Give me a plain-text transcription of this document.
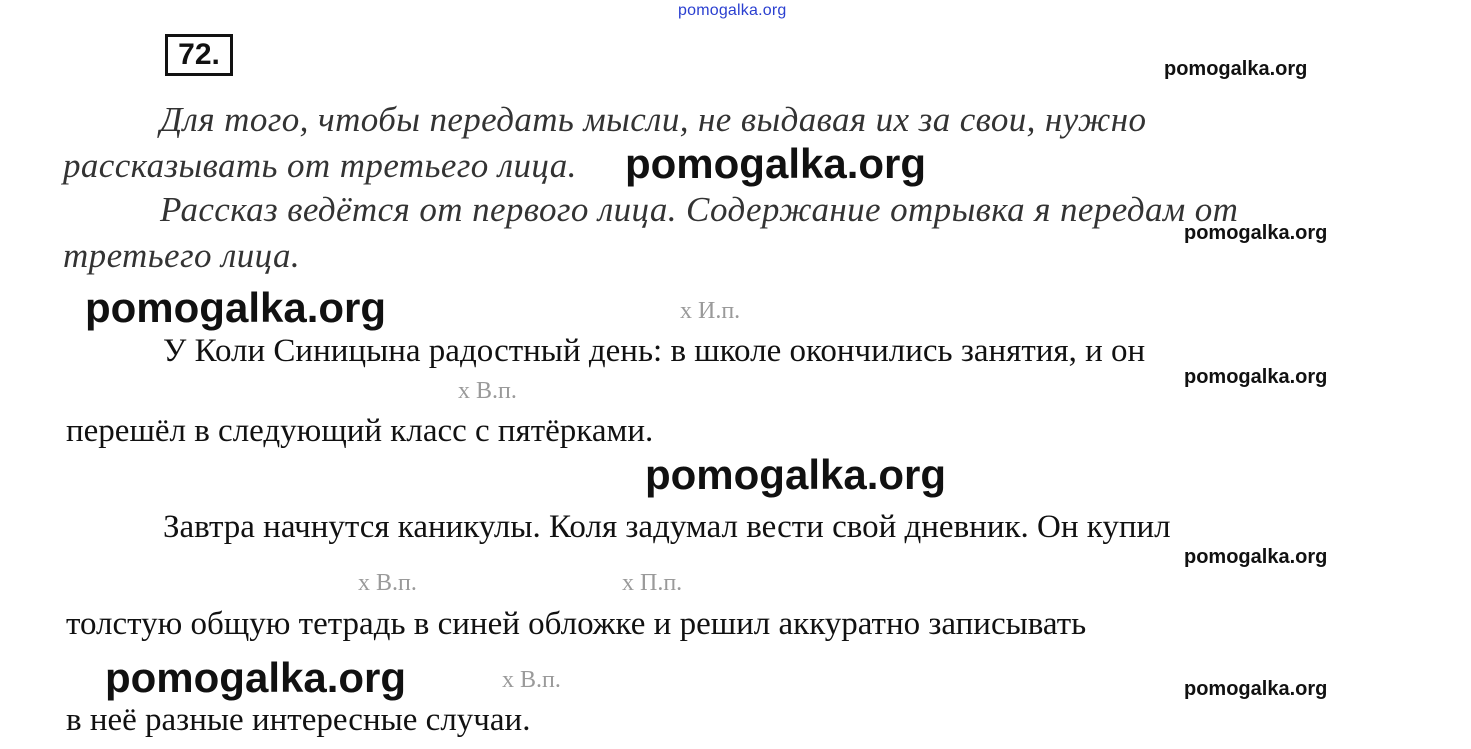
pomogalka.org
72.	pomogalka.org
Для того, чтобы передать мысли, не выдавая их за свои, нужно
рассказывать от третьего лица. pomogalka.org
Рассказ ведётся от первого лица. Содержание отрывка я передам от
pomogalka.org
третьего лица.
pomogalka.org	х И.п.
У Коли Синицына радостный день: в школе окончились занятия, и он
pomogalka.org
х В.п.
перешёл в следующий класс с пятёрками.
pomogalka.org
Завтра начнутся каникулы. Коля задумал вести свой дневник. Он купил
pomogalka.org
х В.п.	х П.п.
толстую общую тетрадь в синей обложке и решил аккуратно записывать
pomogalka.org	х В.п.	pomogalka.org
в неё разные интересные случаи.
